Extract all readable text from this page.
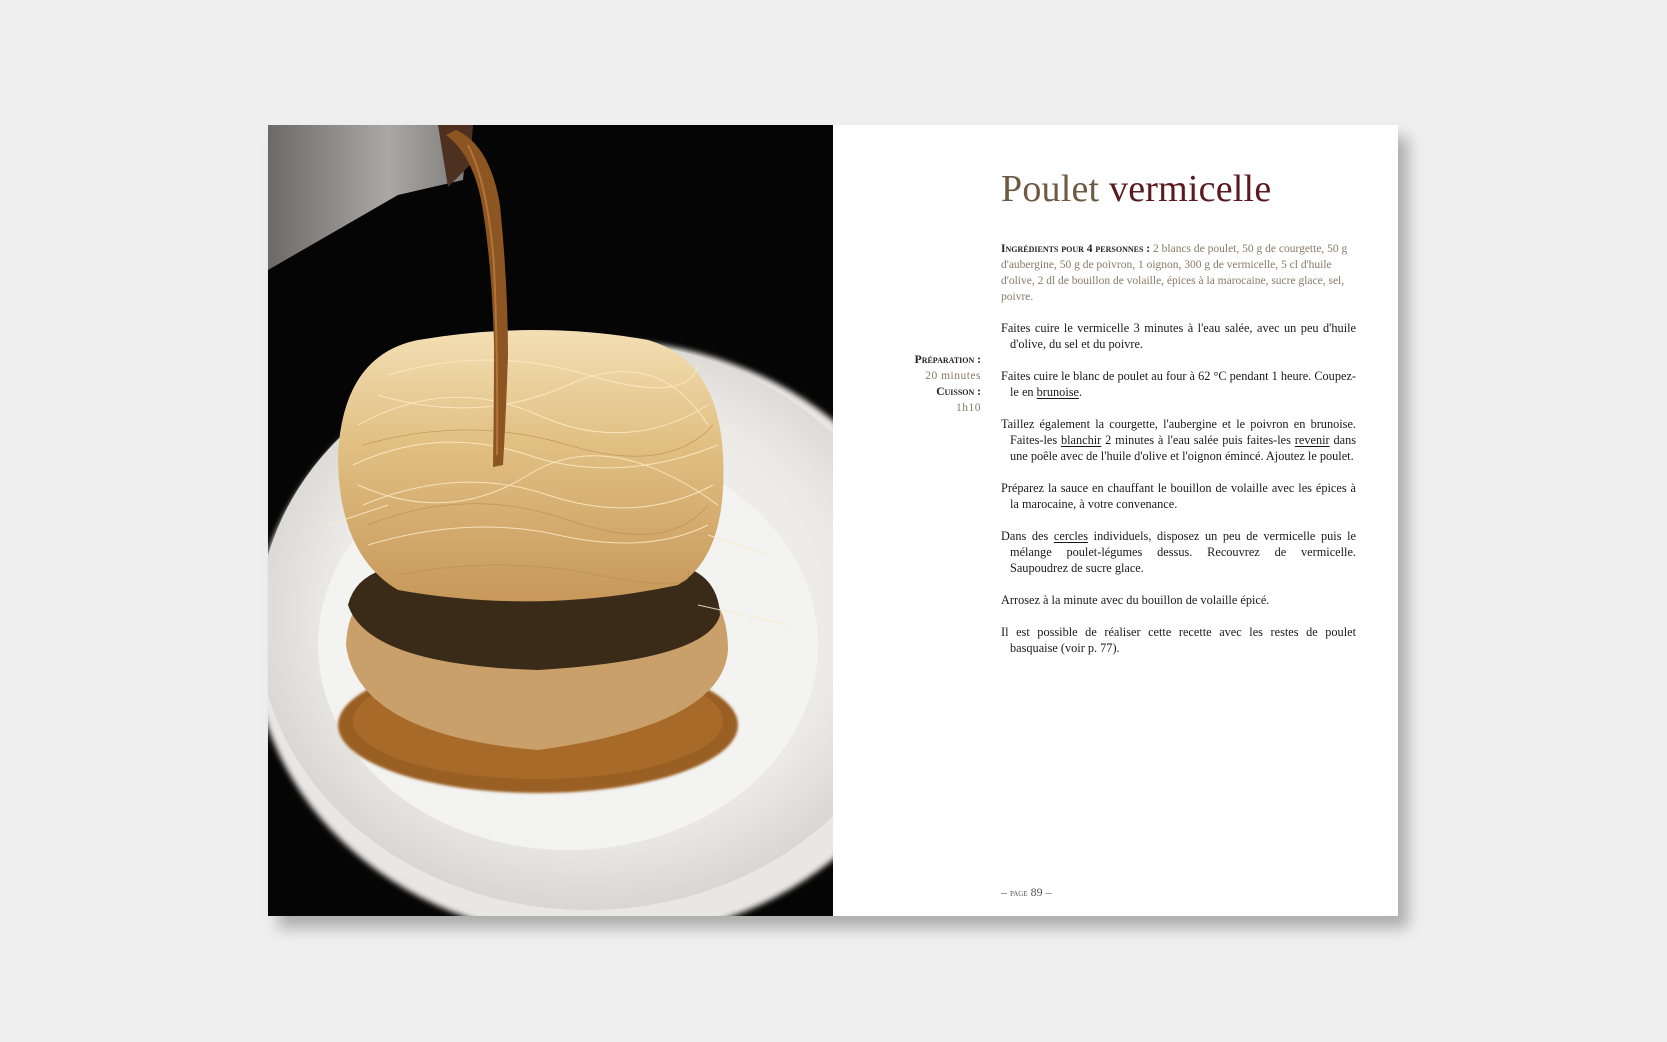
Poulet vermicelle
Ingrédients pour 4 personnes : 2 blancs de poulet, 50 g de courgette, 50 g d'aubergine, 50 g de poivron, 1 oignon, 300 g de vermicelle, 5 cl d'huile d'olive, 2 dl de bouillon de volaille, épices à la marocaine, sucre glace, sel, poivre.
Préparation :
20 minutes
Cuisson :
1h10

Faites cuire le vermicelle 3 minutes à l'eau salée, avec un peu d'huile d'olive, du sel et du poivre.

Faites cuire le blanc de poulet au four à 62 °C pendant 1 heure. Coupez-le en brunoise.

Taillez également la courgette, l'aubergine et le poivron en brunoise. Faites-les blanchir 2 minutes à l'eau salée puis faites-les revenir dans une poêle avec de l'huile d'olive et l'oignon émincé. Ajoutez le poulet.

Préparez la sauce en chauffant le bouillon de volaille avec les épices à la marocaine, à votre convenance.

Dans des cercles individuels, disposez un peu de vermicelle puis le mélange poulet-légumes dessus. Recouvrez de vermicelle. Saupoudrez de sucre glace.

Arrosez à la minute avec du bouillon de volaille épicé.

Il est possible de réaliser cette recette avec les restes de poulet basquaise (voir p. 77).

– page 89 –
